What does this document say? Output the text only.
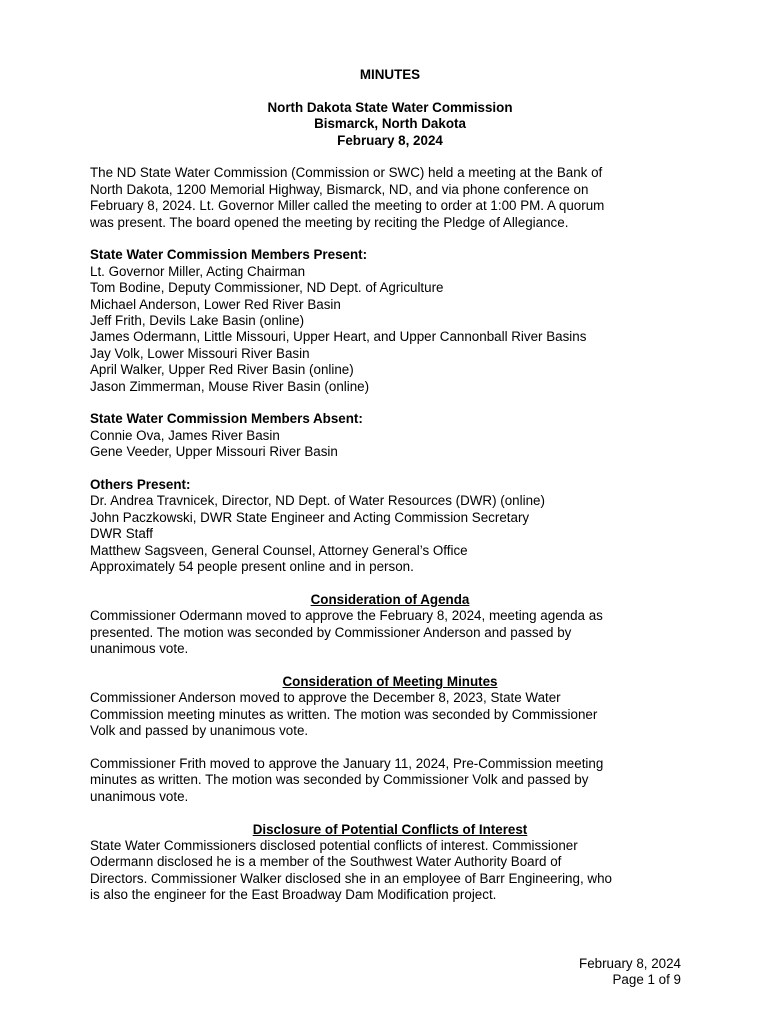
MINUTES

North Dakota State Water Commission
Bismarck, North Dakota
February 8, 2024
The ND State Water Commission (Commission or SWC) held a meeting at the Bank of
North Dakota, 1200 Memorial Highway, Bismarck, ND, and via phone conference on
February 8, 2024. Lt. Governor Miller called the meeting to order at 1:00 PM. A quorum
was present. The board opened the meeting by reciting the Pledge of Allegiance.
State Water Commission Members Present:
Lt. Governor Miller, Acting Chairman
Tom Bodine, Deputy Commissioner, ND Dept. of Agriculture
Michael Anderson, Lower Red River Basin
Jeff Frith, Devils Lake Basin (online)
James Odermann, Little Missouri, Upper Heart, and Upper Cannonball River Basins
Jay Volk, Lower Missouri River Basin
April Walker, Upper Red River Basin (online)
Jason Zimmerman, Mouse River Basin (online)
State Water Commission Members Absent:
Connie Ova, James River Basin
Gene Veeder, Upper Missouri River Basin
Others Present:
Dr. Andrea Travnicek, Director, ND Dept. of Water Resources (DWR) (online)
John Paczkowski, DWR State Engineer and Acting Commission Secretary
DWR Staff
Matthew Sagsveen, General Counsel, Attorney General’s Office
Approximately 54 people present online and in person.
Consideration of Agenda
Commissioner Odermann moved to approve the February 8, 2024, meeting agenda as
presented. The motion was seconded by Commissioner Anderson and passed by
unanimous vote.
Consideration of Meeting Minutes
Commissioner Anderson moved to approve the December 8, 2023, State Water
Commission meeting minutes as written. The motion was seconded by Commissioner
Volk and passed by unanimous vote.
Commissioner Frith moved to approve the January 11, 2024, Pre-Commission meeting
minutes as written. The motion was seconded by Commissioner Volk and passed by
unanimous vote.
Disclosure of Potential Conflicts of Interest
State Water Commissioners disclosed potential conflicts of interest. Commissioner
Odermann disclosed he is a member of the Southwest Water Authority Board of
Directors. Commissioner Walker disclosed she in an employee of Barr Engineering, who
is also the engineer for the East Broadway Dam Modification project.
February 8, 2024
Page 1 of 9
